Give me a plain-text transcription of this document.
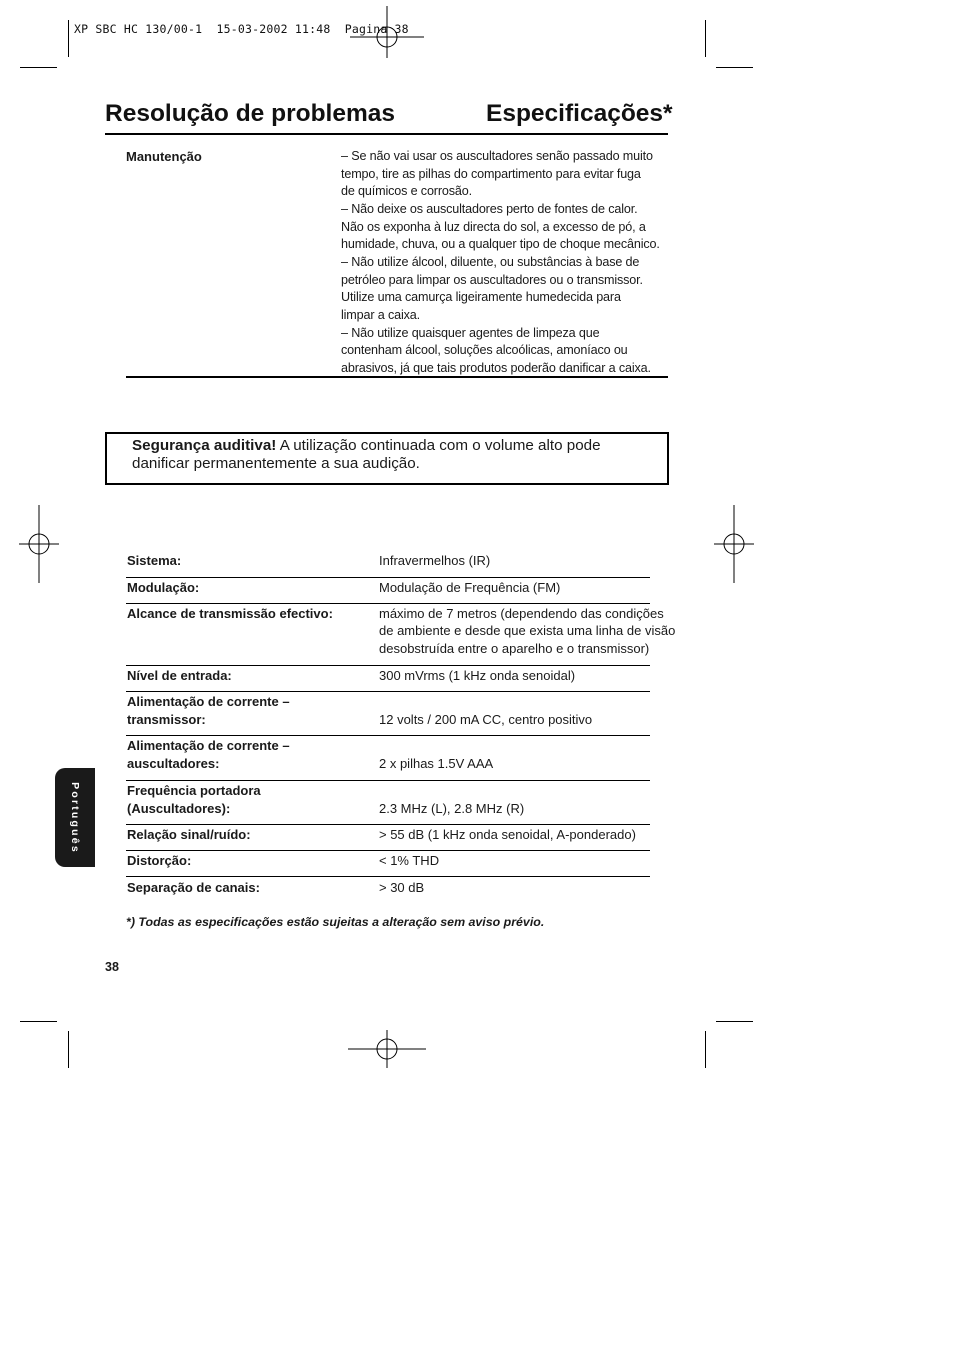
XP SBC HC 130/00-1  15-03-2002 11:48  Pagina 38
Resolução de problemas	Especificações*
Manutenção	– Se não vai usar os auscultadores senão passado muito
tempo, tire as pilhas do compartimento para evitar fuga
de químicos e corrosão.
– Não deixe os auscultadores perto de fontes de calor.
Não os exponha à luz directa do sol, a excesso de pó, a
humidade, chuva, ou a qualquer tipo de choque mecânico.
– Não utilize álcool, diluente, ou substâncias à base de
petróleo para limpar os auscultadores ou o transmissor.
Utilize uma camurça ligeiramente humedecida para
limpar a caixa.
– Não utilize quaisquer agentes de limpeza que
contenham álcool, soluções alcoólicas, amoníaco ou
abrasivos, já que tais produtos poderão danificar a caixa.
Segurança auditiva! A utilização continuada com o volume alto pode
danificar permanentemente a sua audição.
Sistema:	Infravermelhos (IR)
Modulação:	Modulação de Frequência (FM)
Alcance de transmissão efectivo:	máximo de 7 metros (dependendo das condições
de ambiente e desde que exista uma linha de visão
desobstruída entre o aparelho e o transmissor)
Nível de entrada:	300 mVrms (1 kHz onda senoidal)
Alimentação de corrente –
transmissor:	12 volts / 200 mA CC, centro positivo
Alimentação de corrente –
auscultadores:	2 x pilhas 1.5V AAA
Frequência portadora
(Auscultadores):	2.3 MHz (L), 2.8 MHz (R)
Relação sinal/ruído:	> 55 dB (1 kHz onda senoidal, A-ponderado)
Distorção:	< 1% THD
Separação de canais:	> 30 dB
*) Todas as especificações estão sujeitas a alteração sem aviso prévio.
38
Português
